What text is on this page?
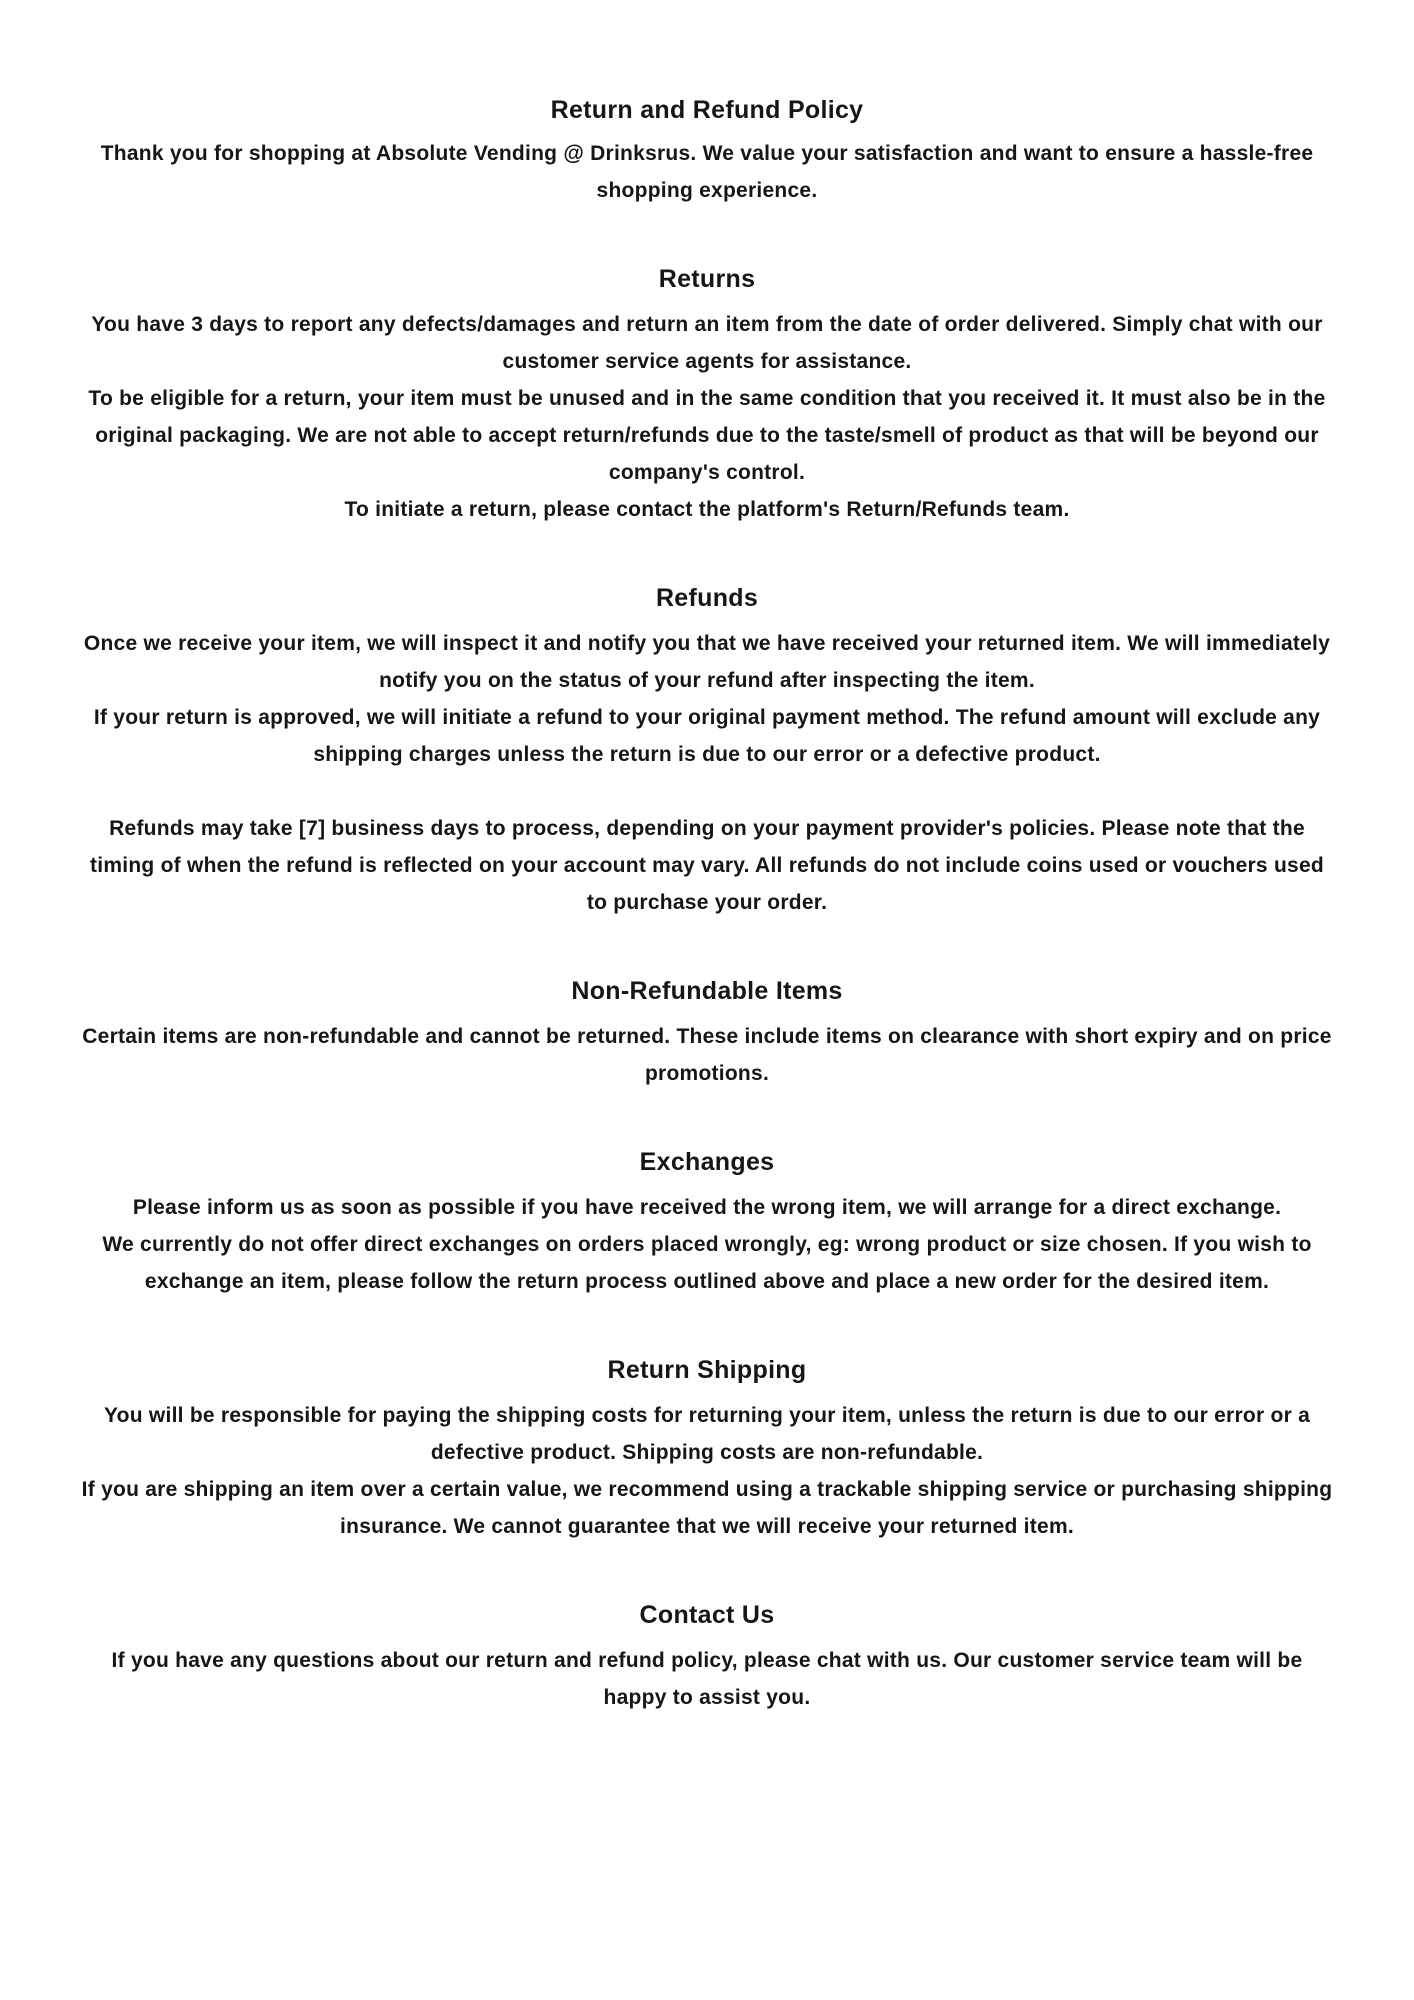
Return and Refund Policy

Thank you for shopping at Absolute Vending @ Drinksrus. We value your satisfaction and want to ensure a hassle-free shopping experience.

Returns

You have 3 days to report any defects/damages and return an item from the date of order delivered. Simply chat with our customer service agents for assistance.

To be eligible for a return, your item must be unused and in the same condition that you received it. It must also be in the original packaging. We are not able to accept return/refunds due to the taste/smell of product as that will be beyond our company's control.

To initiate a return, please contact the platform's Return/Refunds team.

Refunds

Once we receive your item, we will inspect it and notify you that we have received your returned item. We will immediately notify you on the status of your refund after inspecting the item.

If your return is approved, we will initiate a refund to your original payment method. The refund amount will exclude any shipping charges unless the return is due to our error or a defective product.

Refunds may take [7] business days to process, depending on your payment provider's policies. Please note that the timing of when the refund is reflected on your account may vary. All refunds do not include coins used or vouchers used to purchase your order.

Non-Refundable Items

Certain items are non-refundable and cannot be returned. These include items on clearance with short expiry and on price promotions.

Exchanges

Please inform us as soon as possible if you have received the wrong item, we will arrange for a direct exchange.

We currently do not offer direct exchanges on orders placed wrongly, eg: wrong product or size chosen. If you wish to exchange an item, please follow the return process outlined above and place a new order for the desired item.

Return Shipping

You will be responsible for paying the shipping costs for returning your item, unless the return is due to our error or a defective product. Shipping costs are non-refundable.

If you are shipping an item over a certain value, we recommend using a trackable shipping service or purchasing shipping insurance. We cannot guarantee that we will receive your returned item.

Contact Us

If you have any questions about our return and refund policy, please chat with us. Our customer service team will be happy to assist you.
